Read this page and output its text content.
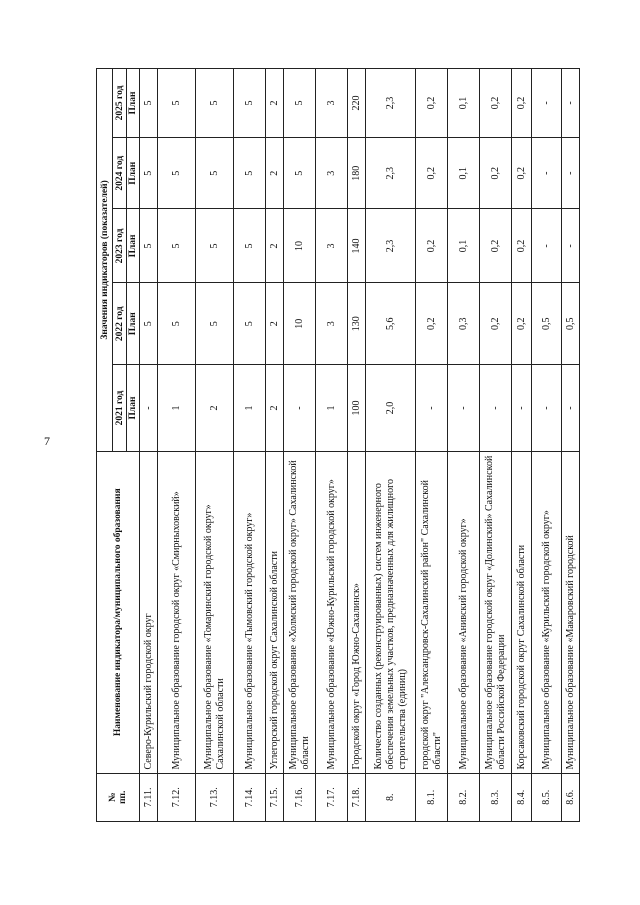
7
№
пп.	Наименование индикатора/муниципального образования	Значения индикаторов (показателей)				
		2021 год	2022 год	2023 год	2024 год	2025 год
		План	План	План	План	План
7.11.	Северо-Курильский городской округ	-	5	5	5	5
7.12.	Муниципальное образование городской округ «Смирныховский»	1	5	5	5	5
7.13.	Муниципальное образование «Томаринский городской округ» Сахалинской области	2	5	5	5	5
7.14.	Муниципальное образование «Тымовский городской округ»	1	5	5	5	5
7.15.	Углегорский городской округ Сахалинской области	2	2	2	2	2
7.16.	Муниципальное образование «Холмский городской округ» Сахалинской области	-	10	10	5	5
7.17.	Муниципальное образование «Южно-Курильский городской округ»	1	3	3	3	3
7.18.	Городской округ «Город Южно-Сахалинск»	100	130	140	180	220
8.	Количество созданных (реконструированных) систем инженерного обеспечения земельных участков, предназначенных для жилищного строительства (единиц)	2,0	5,6	2,3	2,3	2,3
8.1.	городской округ "Александровск-Сахалинский район" Сахалинской области"	-	0,2	0,2	0,2	0,2
8.2.	Муниципальное образование «Анивский городской округ»	-	0,3	0,1	0,1	0,1
8.3.	Муниципальное образование городской округ «Долинский» Сахалинской области Российской Федерации	-	0,2	0,2	0,2	0,2
8.4.	Корсаковский городской округ Сахалинской области	-	0,2	0,2	0,2	0,2
8.5.	Муниципальное образование «Курильский городской округ»	-	0,5	-	-	-
8.6.	Муниципальное образование «Макаровский городской	-	0,5	-	-	-
